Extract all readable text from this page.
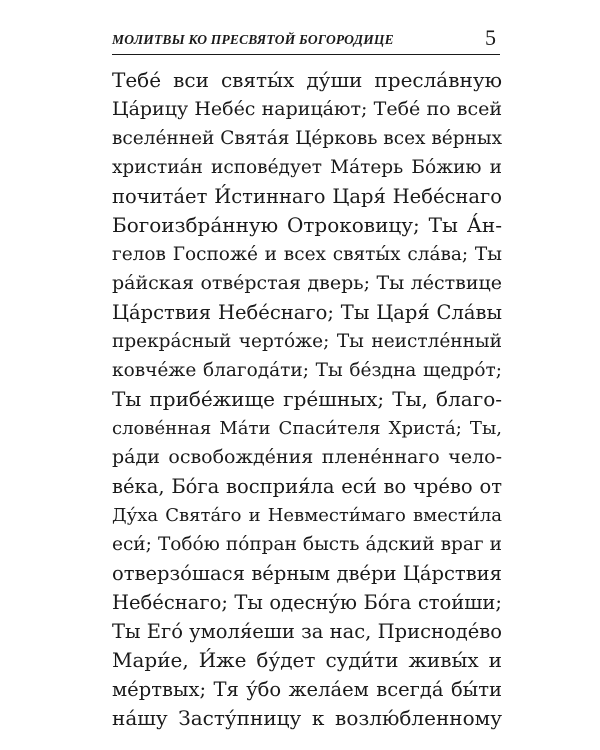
МОЛИТВЫ КО ПРЕСВЯТОЙ БОГОРОДИЦЕ	5
Тебе́ вси святы́х ду́ши пресла́вную
Ца́рицу Небе́с нарица́ют; Тебе́ по всей
вселе́нней Свята́я Це́рковь всех ве́рных
христиа́н испове́дует Ма́терь Бо́жию и
почита́ет И́стиннаго Царя́ Небе́снаго
Богоизбра́нную Отроковицу; Ты А́н-
гелов Госпоже́ и всех святы́х сла́ва; Ты
ра́йская отве́рстая дверь; Ты ле́ствице
Ца́рствия Небе́снаго; Ты Царя́ Сла́вы
прекра́сный черто́же; Ты неистле́нный
ковче́же благода́ти; Ты бе́здна щедро́т;
Ты прибе́жище гре́шных; Ты, благо-
слове́нная Ма́ти Спаси́теля Христа́; Ты,
ра́ди освобожде́ния плене́ннаго чело-
ве́ка, Бо́га восприя́ла еси́ во чре́во от
Ду́ха Свята́го и Невмести́маго вмести́ла
еси́; Тобо́ю по́пран бысть а́дский враг и
отверзо́шася ве́рным две́ри Ца́рствия
Небе́снаго; Ты одесну́ю Бо́га стои́ши;
Ты Его́ умоля́еши за нас, Приснодéво
Мари́е, И́же бу́дет суди́ти живы́х и
ме́ртвых; Тя у́бо жела́ем всегда́ бы́ти
на́шу Засту́пницу к возлю́бленному
